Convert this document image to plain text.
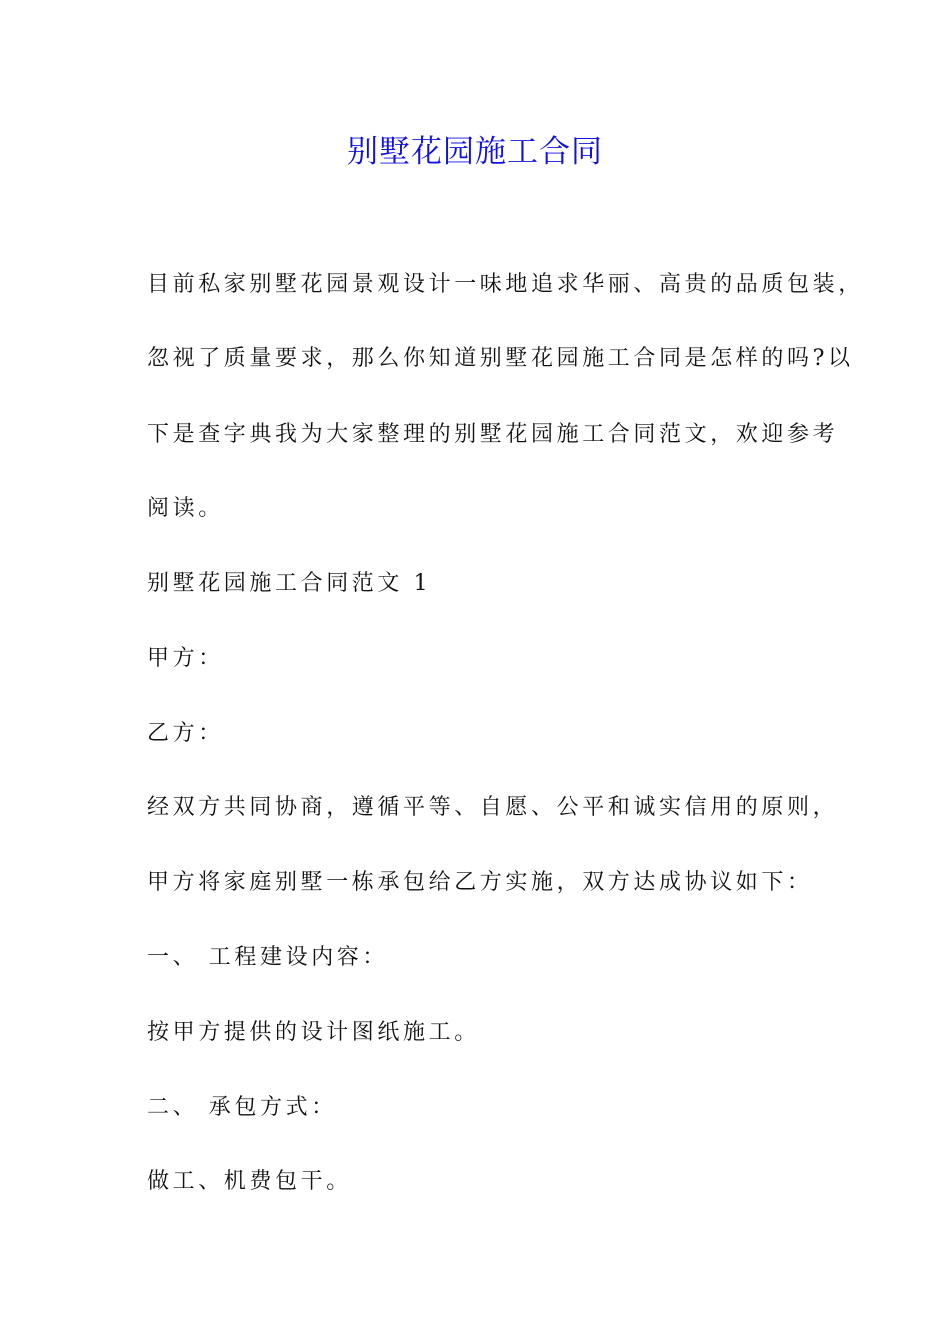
别墅花园施工合同

目前私家别墅花园景观设计一味地追求华丽、高贵的品质包装，

忽视了质量要求，那么你知道别墅花园施工合同是怎样的吗?以

下是查字典我为大家整理的别墅花园施工合同范文，欢迎参考

阅读。

别墅花园施工合同范文 1

甲方：

乙方：

经双方共同协商，遵循平等、自愿、公平和诚实信用的原则，

甲方将家庭别墅一栋承包给乙方实施，双方达成协议如下：

一、 工程建设内容：

按甲方提供的设计图纸施工。

二、 承包方式：

做工、机费包干。
